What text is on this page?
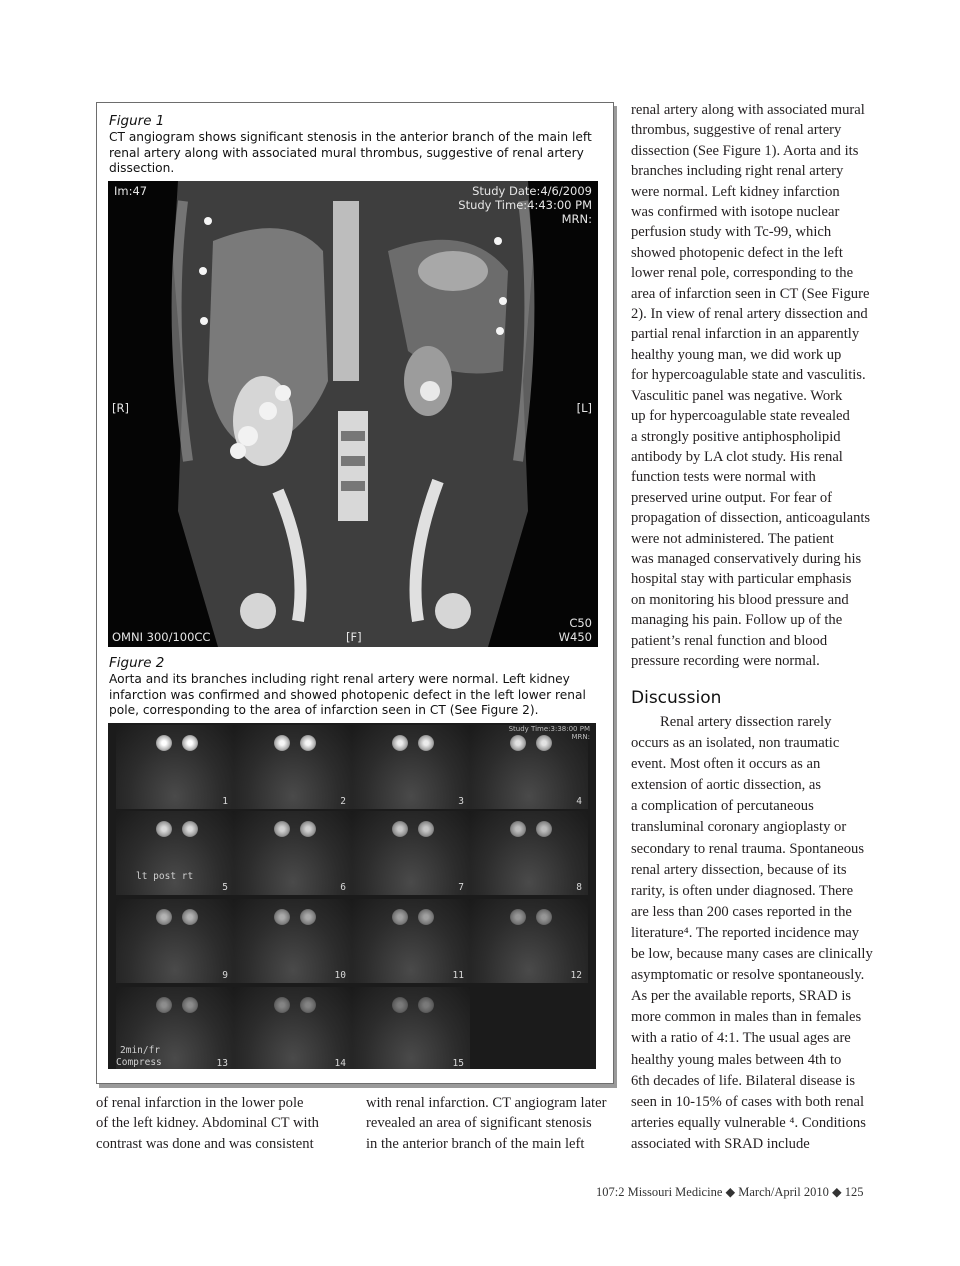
Figure 1
CT angiogram shows significant stenosis in the anterior branch of the main left renal artery along with associated mural thrombus, suggestive of renal artery dissection.
Im:47	Study Date:4/6/2009
Study Time:4:43:00 PM
MRN:
[R]	[L]
OMNI 300/100CC	[F]
C50
W450
Figure 2
Aorta and its branches including right renal artery were normal. Left kidney infarction was confirmed and showed photopenic defect in the left lower renal pole, corresponding to the area of infarction seen in CT (See Figure 2).
15
14
13
12
11
10
9
8
7
6
5
4
3
2
1
Study Time:3:38:00 PM
MRN:
lt post rt
2min/fr
Compress
of renal infarction in the lower pole
of the left kidney. Abdominal CT with
contrast was done and was consistent
with renal infarction. CT angiogram later
revealed an area of significant stenosis
in the anterior branch of the main left
renal artery along with associated mural
thrombus, suggestive of renal artery
dissection (See Figure 1). Aorta and its
branches including right renal artery
were normal. Left kidney infarction
was confirmed with isotope nuclear
perfusion study with Tc-99, which
showed photopenic defect in the left
lower renal pole, corresponding to the
area of infarction seen in CT (See Figure
2). In view of renal artery dissection and
partial renal infarction in an apparently
healthy young man, we did work up
for hypercoagulable state and vasculitis.
Vasculitic panel was negative. Work
up for hypercoagulable state revealed
a strongly positive antiphospholipid
antibody by LA clot study. His renal
function tests were normal with
preserved urine output. For fear of
propagation of dissection, anticoagulants
were not administered. The patient
was managed conservatively during his
hospital stay with particular emphasis
on monitoring his blood pressure and
managing his pain. Follow up of the
patient’s renal function and blood
pressure recording were normal.
Discussion
Renal artery dissection rarely
occurs as an isolated, non traumatic
event. Most often it occurs as an
extension of aortic dissection, as
a complication of percutaneous
transluminal coronary angioplasty or
secondary to renal trauma. Spontaneous
renal artery dissection, because of its
rarity, is often under diagnosed. There
are less than 200 cases reported in the
literature⁴. The reported incidence may
be low, because many cases are clinically
asymptomatic or resolve spontaneously.
As per the available reports, SRAD is
more common in males than in females
with a ratio of 4:1. The usual ages are
healthy young males between 4th to
6th decades of life. Bilateral disease is
seen in 10-15% of cases with both renal
arteries equally vulnerable ⁴. Conditions
associated with SRAD include
107:2 Missouri Medicine ◆ March/April 2010 ◆ 125
